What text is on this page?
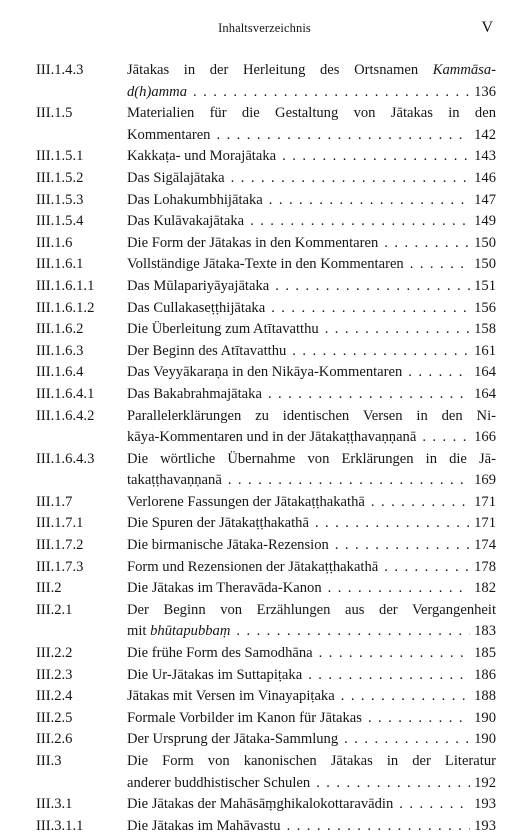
Inhaltsverzeichnis	V
III.1.4.3	Jātakas in der Herleitung des Ortsnamen Kammāsa-
d(h)amma . . .	136
III.1.5	Materialien für die Gestaltung von Jātakas in den
Kommentaren . . .	142
III.1.5.1	Kakkaṭa- und Morajātaka . . .	143
III.1.5.2	Das Sigālajātaka . . .	146
III.1.5.3	Das Lohakumbhijātaka . . .	147
III.1.5.4	Das Kulāvakajātaka . . .	149
III.1.6	Die Form der Jātakas in den Kommentaren . . .	150
III.1.6.1	Vollständige Jātaka-Texte in den Kommentaren . . .	150
III.1.6.1.1	Das Mūlapariyāyajātaka . . .	151
III.1.6.1.2	Das Cullakaseṭṭhijātaka . . .	156
III.1.6.2	Die Überleitung zum Atītavatthu . . .	158
III.1.6.3	Der Beginn des Atītavatthu . . .	161
III.1.6.4	Das Veyyākaraṇa in den Nikāya-Kommentaren . . .	164
III.1.6.4.1	Das Bakabrahmajātaka . . .	164
III.1.6.4.2	Parallelerklärungen zu identischen Versen in den Ni-
kāya-Kommentaren und in der Jātakaṭṭhavaṇṇanā . . .	166
III.1.6.4.3	Die wörtliche Übernahme von Erklärungen in die Jā-
takaṭṭhavaṇṇanā . . .	169
III.1.7	Verlorene Fassungen der Jātakaṭṭhakathā . . .	171
III.1.7.1	Die Spuren der Jātakaṭṭhakathā . . .	171
III.1.7.2	Die birmanische Jātaka-Rezension . . .	174
III.1.7.3	Form und Rezensionen der Jātakaṭṭhakathā . . .	178
III.2	Die Jātakas im Theravāda-Kanon . . .	182
III.2.1	Der Beginn von Erzählungen aus der Vergangenheit
mit bhūtapubbaṃ . . .	183
III.2.2	Die frühe Form des Samodhāna . . .	185
III.2.3	Die Ur-Jātakas im Suttapiṭaka . . .	186
III.2.4	Jātakas mit Versen im Vinayapiṭaka . . .	188
III.2.5	Formale Vorbilder im Kanon für Jātakas . . .	190
III.2.6	Der Ursprung der Jātaka-Sammlung . . .	190
III.3	Die Form von kanonischen Jātakas in der Literatur
anderer buddhistischer Schulen . . .	192
III.3.1	Die Jātakas der Mahāsāṃghikalokottaravādin . . .	193
III.3.1.1	Die Jātakas im Mahāvastu . . .	193
